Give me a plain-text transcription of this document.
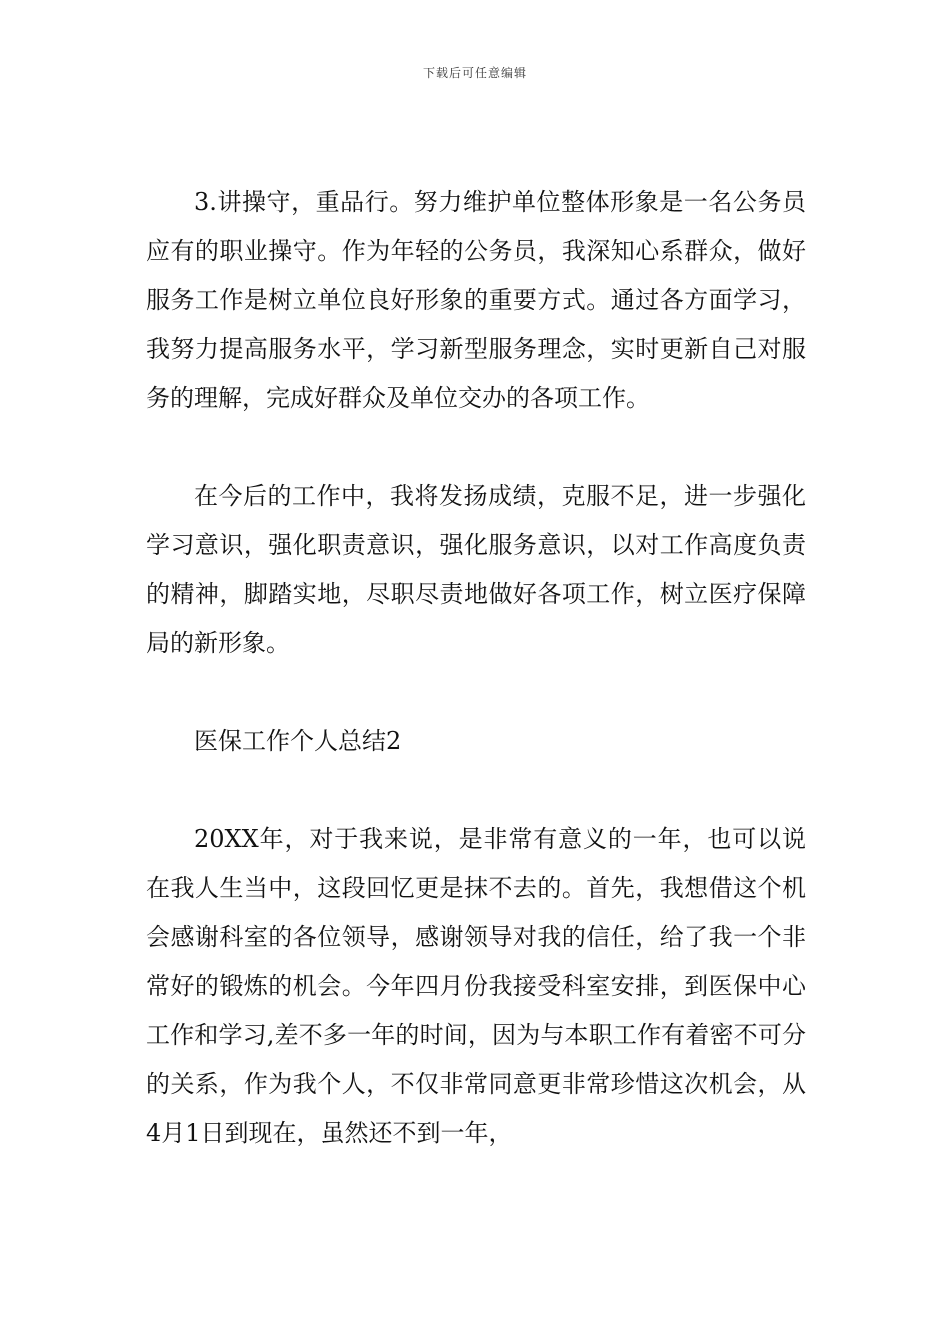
下载后可任意编辑

3.讲操守，重品行。努力维护单位整体形象是一名公务员应有的职业操守。作为年轻的公务员，我深知心系群众，做好服务工作是树立单位良好形象的重要方式。通过各方面学习，我努力提高服务水平，学习新型服务理念，实时更新自己对服务的理解，完成好群众及单位交办的各项工作。

在今后的工作中，我将发扬成绩，克服不足，进一步强化学习意识，强化职责意识，强化服务意识，以对工作高度负责的精神，脚踏实地，尽职尽责地做好各项工作，树立医疗保障局的新形象。

医保工作个人总结2

20XX年，对于我来说，是非常有意义的一年，也可以说在我人生当中，这段回忆更是抹不去的。首先，我想借这个机会感谢科室的各位领导，感谢领导对我的信任，给了我一个非常好的锻炼的机会。今年四月份我接受科室安排，到医保中心工作和学习,差不多一年的时间，因为与本职工作有着密不可分的关系，作为我个人，不仅非常同意更非常珍惜这次机会，从4月1日到现在，虽然还不到一年，
